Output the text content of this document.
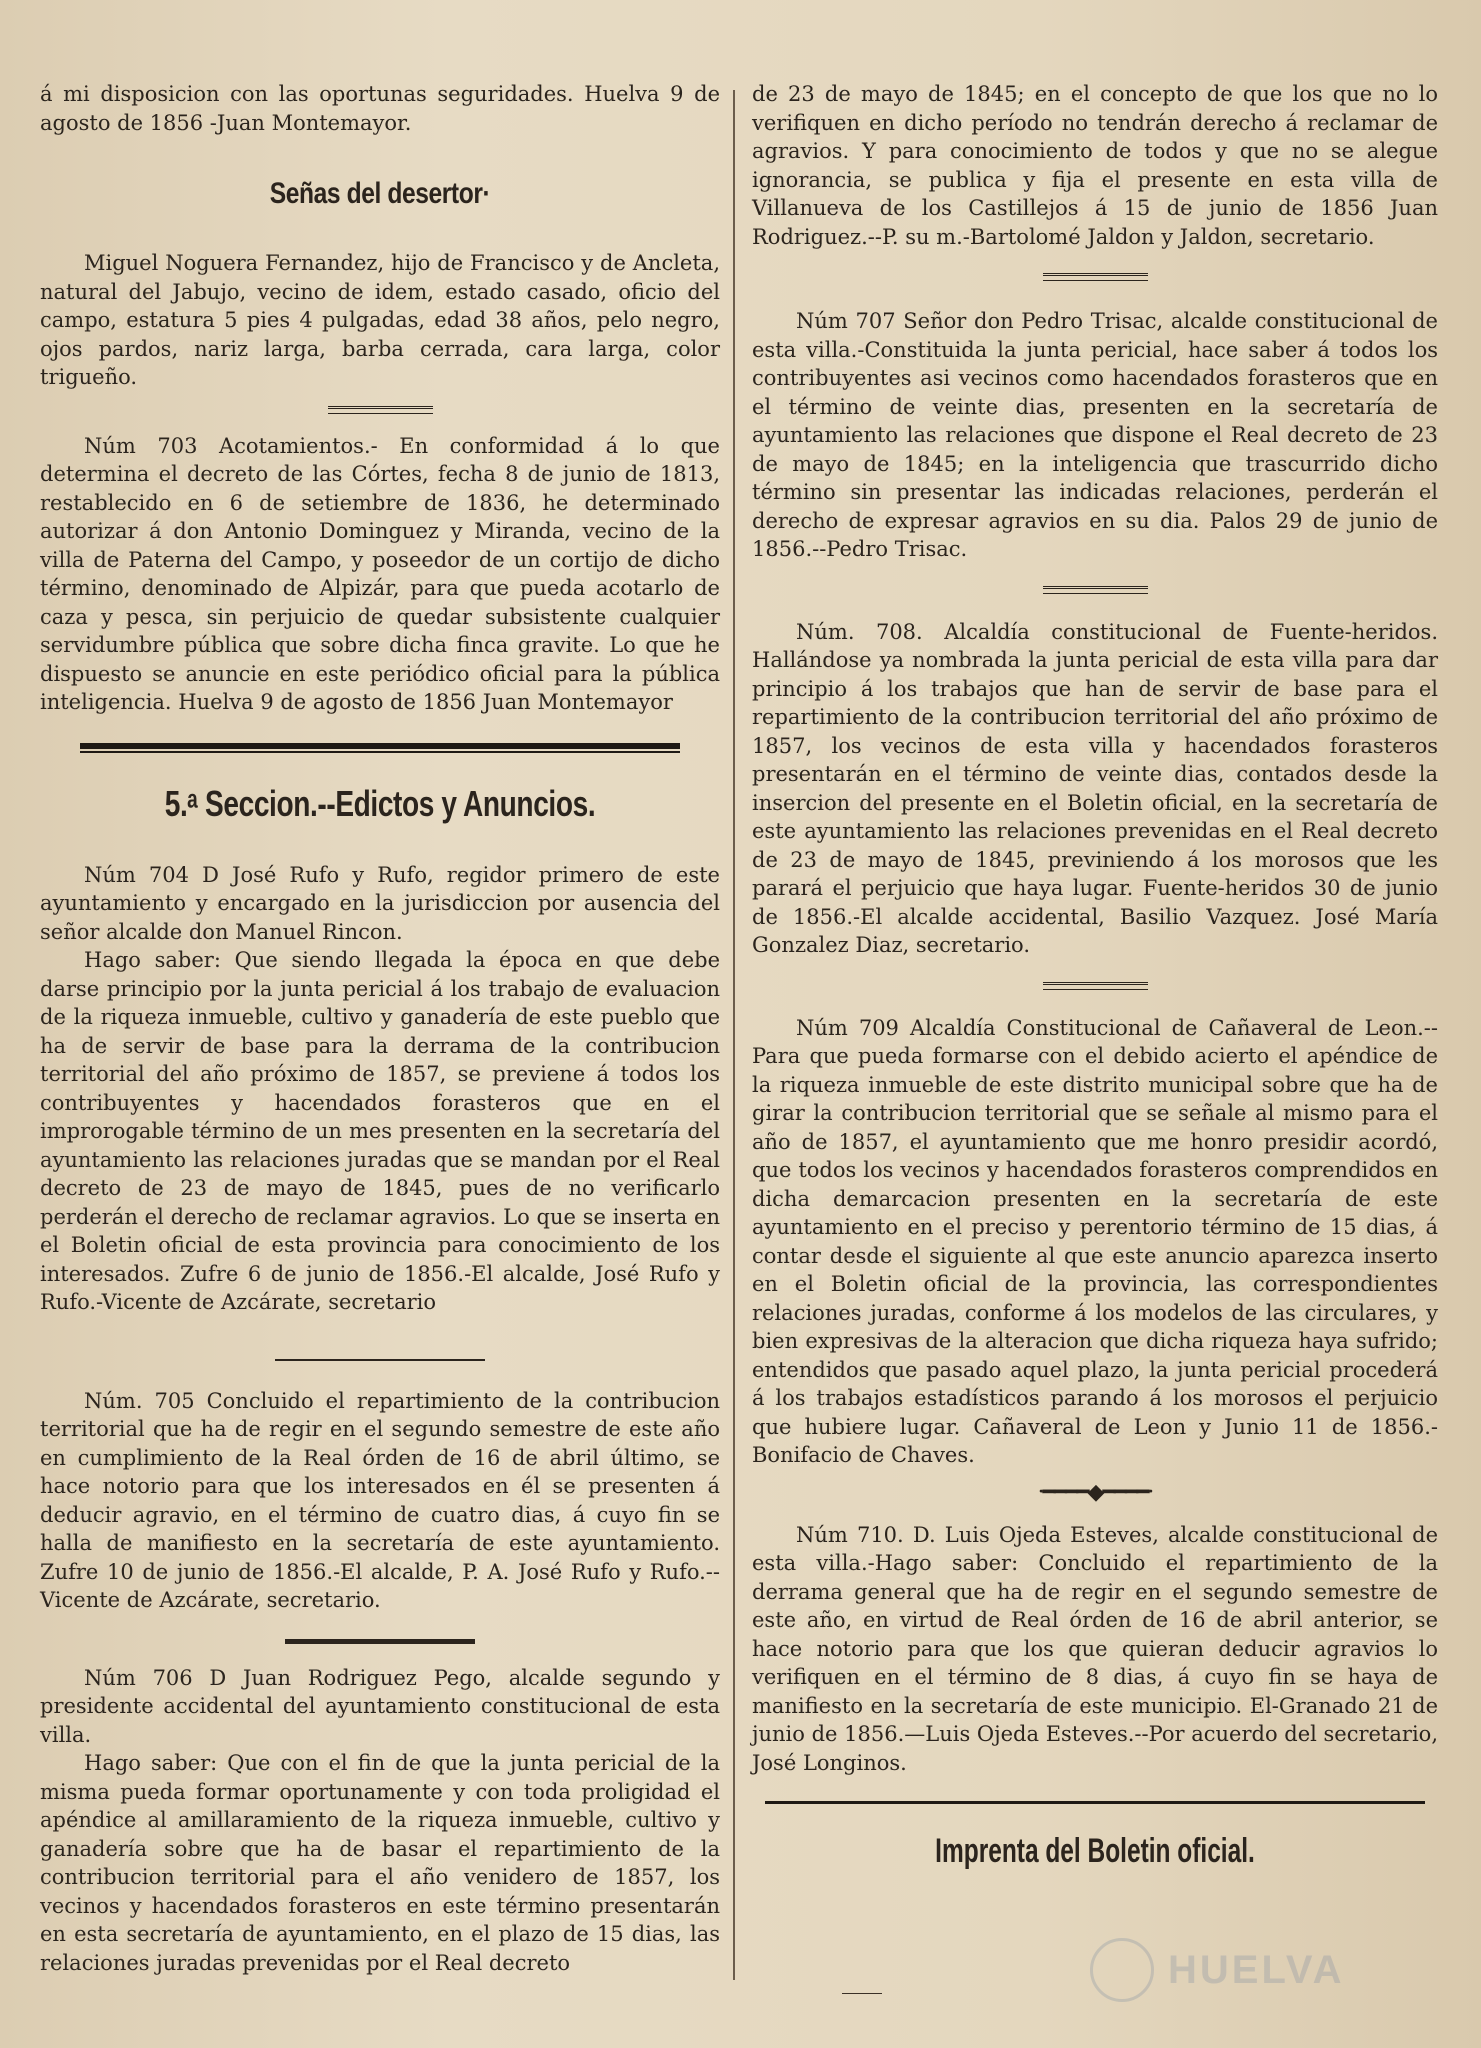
á mi disposicion con las oportunas seguridades. Huelva 9 de agosto de 1856 -Juan Montemayor.

Señas del desertor·

Miguel Noguera Fernandez, hijo de Francisco y de Ancleta, natural del Jabujo, vecino de idem, estado casado, oficio del campo, estatura 5 pies 4 pulgadas, edad 38 años, pelo negro, ojos pardos, nariz larga, barba cerrada, cara larga, color trigueño.

Núm 703 Acotamientos.- En conformidad á lo que determina el decreto de las Córtes, fecha 8 de junio de 1813, restablecido en 6 de setiembre de 1836, he determinado autorizar á don Antonio Dominguez y Miranda, vecino de la villa de Paterna del Campo, y poseedor de un cortijo de dicho término, denominado de Alpizár, para que pueda acotarlo de caza y pesca, sin perjuicio de quedar subsistente cualquier servidumbre pública que sobre dicha finca gravite. Lo que he dispuesto se anuncie en este periódico oficial para la pública inteligencia. Huelva 9 de agosto de 1856 Juan Montemayor

5.ᵃ Seccion.--Edictos y Anuncios.

Núm 704 D José Rufo y Rufo, regidor primero de este ayuntamiento y encargado en la jurisdiccion por ausencia del señor alcalde don Manuel Rincon.

Hago saber: Que siendo llegada la época en que debe darse principio por la junta pericial á los trabajo de evaluacion de la riqueza inmueble, cultivo y ganadería de este pueblo que ha de servir de base para la derrama de la contribucion territorial del año próximo de 1857, se previene á todos los contribuyentes y hacendados forasteros que en el improrogable término de un mes presenten en la secretaría del ayuntamiento las relaciones juradas que se mandan por el Real decreto de 23 de mayo de 1845, pues de no verificarlo perderán el derecho de reclamar agravios. Lo que se inserta en el Boletin oficial de esta provincia para conocimiento de los interesados. Zufre 6 de junio de 1856.-El alcalde, José Rufo y Rufo.-Vicente de Azcárate, secretario

Núm. 705 Concluido el repartimiento de la contribucion territorial que ha de regir en el segundo semestre de este año en cumplimiento de la Real órden de 16 de abril último, se hace notorio para que los interesados en él se presenten á deducir agravio, en el término de cuatro dias, á cuyo fin se halla de manifiesto en la secretaría de este ayuntamiento. Zufre 10 de junio de 1856.-El alcalde, P. A. José Rufo y Rufo.--Vicente de Azcárate, secretario.

Núm 706 D Juan Rodriguez Pego, alcalde segundo y presidente accidental del ayuntamiento constitucional de esta villa.

Hago saber: Que con el fin de que la junta pericial de la misma pueda formar oportunamente y con toda proligidad el apéndice al amillaramiento de la riqueza inmueble, cultivo y ganadería sobre que ha de basar el repartimiento de la contribucion territorial para el año venidero de 1857, los vecinos y hacendados forasteros en este término presentarán en esta secretaría de ayuntamiento, en el plazo de 15 dias, las relaciones juradas prevenidas por el Real decreto

de 23 de mayo de 1845; en el concepto de que los que no lo verifiquen en dicho período no tendrán derecho á reclamar de agravios. Y para conocimiento de todos y que no se alegue ignorancia, se publica y fija el presente en esta villa de Villanueva de los Castillejos á 15 de junio de 1856 Juan Rodriguez.--P. su m.-Bartolomé Jaldon y Jaldon, secretario.

Núm 707 Señor don Pedro Trisac, alcalde constitucional de esta villa.-Constituida la junta pericial, hace saber á todos los contribuyentes asi vecinos como hacendados forasteros que en el término de veinte dias, presenten en la secretaría de ayuntamiento las relaciones que dispone el Real decreto de 23 de mayo de 1845; en la inteligencia que trascurrido dicho término sin presentar las indicadas relaciones, perderán el derecho de expresar agravios en su dia. Palos 29 de junio de 1856.--Pedro Trisac.

Núm. 708. Alcaldía constitucional de Fuente-heridos. Hallándose ya nombrada la junta pericial de esta villa para dar principio á los trabajos que han de servir de base para el repartimiento de la contribucion territorial del año próximo de 1857, los vecinos de esta villa y hacendados forasteros presentarán en el término de veinte dias, contados desde la insercion del presente en el Boletin oficial, en la secretaría de este ayuntamiento las relaciones prevenidas en el Real decreto de 23 de mayo de 1845, previniendo á los morosos que les parará el perjuicio que haya lugar. Fuente-heridos 30 de junio de 1856.-El alcalde accidental, Basilio Vazquez. José María Gonzalez Diaz, secretario.

Núm 709 Alcaldía Constitucional de Cañaveral de Leon.--Para que pueda formarse con el debido acierto el apéndice de la riqueza inmueble de este distrito municipal sobre que ha de girar la contribucion territorial que se señale al mismo para el año de 1857, el ayuntamiento que me honro presidir acordó, que todos los vecinos y hacendados forasteros comprendidos en dicha demarcacion presenten en la secretaría de este ayuntamiento en el preciso y perentorio término de 15 dias, á contar desde el siguiente al que este anuncio aparezca inserto en el Boletin oficial de la provincia, las correspondientes relaciones juradas, conforme á los modelos de las circulares, y bien expresivas de la alteracion que dicha riqueza haya sufrido; entendidos que pasado aquel plazo, la junta pericial procederá á los trabajos estadísticos parando á los morosos el perjuicio que hubiere lugar. Cañaveral de Leon y Junio 11 de 1856.-Bonifacio de Chaves.

·━━━━◆━━━━·

Núm 710. D. Luis Ojeda Esteves, alcalde constitucional de esta villa.-Hago saber: Concluido el repartimiento de la derrama general que ha de regir en el segundo semestre de este año, en virtud de Real órden de 16 de abril anterior, se hace notorio para que los que quieran deducir agravios lo verifiquen en el término de 8 dias, á cuyo fin se haya de manifiesto en la secretaría de este municipio. El-Granado 21 de junio de 1856.—Luis Ojeda Esteves.--Por acuerdo del secretario, José Longinos.

Imprenta del Boletin oficial.
HUELVA
